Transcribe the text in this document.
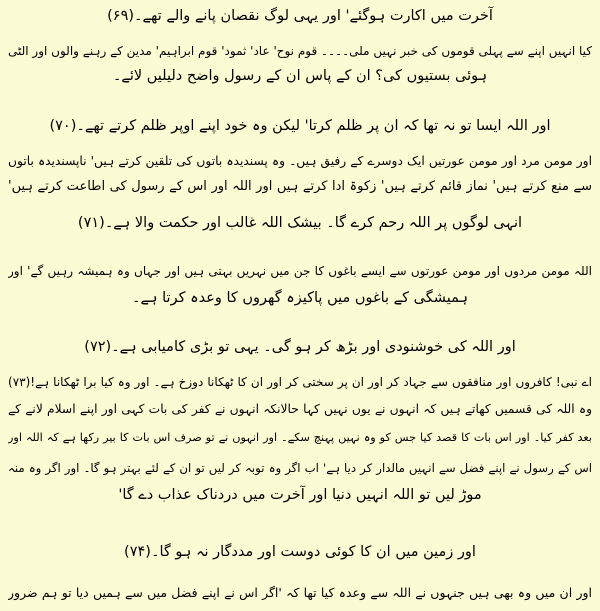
آخرت میں اکارت ہوگئے' اور یہی لوگ نقصان پانے والے تھے۔(۶۹)
کیا انہیں اپنے سے پہلی قوموں کی خبر نہیں ملی۔۔۔۔ قوم نوح' عاد' ثمود' قوم ابراہیم' مدین کے رہنے والوں اور الٹی
ہوئی بستیوں کی؟ ان کے پاس ان کے رسول واضح دلیلیں لائے۔
اور اللہ ایسا تو نہ تھا کہ ان پر ظلم کرتا' لیکن وہ خود اپنے اوپر ظلم کرتے تھے۔(۷۰)
اور مومن مرد اور مومن عورتیں ایک دوسرے کے رفیق ہیں۔ وہ پسندیدہ باتوں کی تلقین کرتے ہیں' ناپسندیدہ باتوں
سے منع کرتے ہیں' نماز قائم کرتے ہیں' زکوۃ ادا کرتے ہیں اور اللہ اور اس کے رسول کی اطاعت کرتے ہیں'
انہی لوگوں پر اللہ رحم کرے گا۔ بیشک اللہ غالب اور حکمت والا ہے۔(۷۱)
اللہ مومن مردوں اور مومن عورتوں سے ایسے باغوں کا جن میں نہریں بہتی ہیں اور جہاں وہ ہمیشہ رہیں گے' اور
ہمیشگی کے باغوں میں پاکیزہ گھروں کا وعدہ کرتا ہے۔
اور اللہ کی خوشنودی اور بڑھ کر ہو گی۔ یہی تو بڑی کامیابی ہے۔(۷۲)
اے نبی! کافروں اور منافقوں سے جہاد کر اور ان پر سختی کر اور ان کا ٹھکانا دوزخ ہے۔ اور وہ کیا برا ٹھکانا ہے!(۷۳)
وہ اللہ کی قسمیں کھاتے ہیں کہ انہوں نے یوں نہیں کہا حالانکہ انہوں نے کفر کی بات کہی اور اپنے اسلام لانے کے
بعد کفر کیا۔ اور اس بات کا قصد کیا جس کو وہ نہیں پہنچ سکے۔ اور انہوں نے تو صرف اس بات کا بیر رکھا ہے کہ اللہ اور
اس کے رسول نے اپنے فضل سے انہیں مالدار کر دیا ہے' اب اگر وہ توبہ کر لیں تو ان کے لئے بہتر ہو گا۔ اور اگر وہ منہ
موڑ لیں تو اللہ انہیں دنیا اور آخرت میں دردناک عذاب دے گا'
اور زمین میں ان کا کوئی دوست اور مددگار نہ ہو گا۔(۷۴)
اور ان میں وہ بھی ہیں جنہوں نے اللہ سے وعدہ کیا تھا کہ 'اگر اس نے اپنے فضل میں سے ہمیں دیا تو ہم ضرور
